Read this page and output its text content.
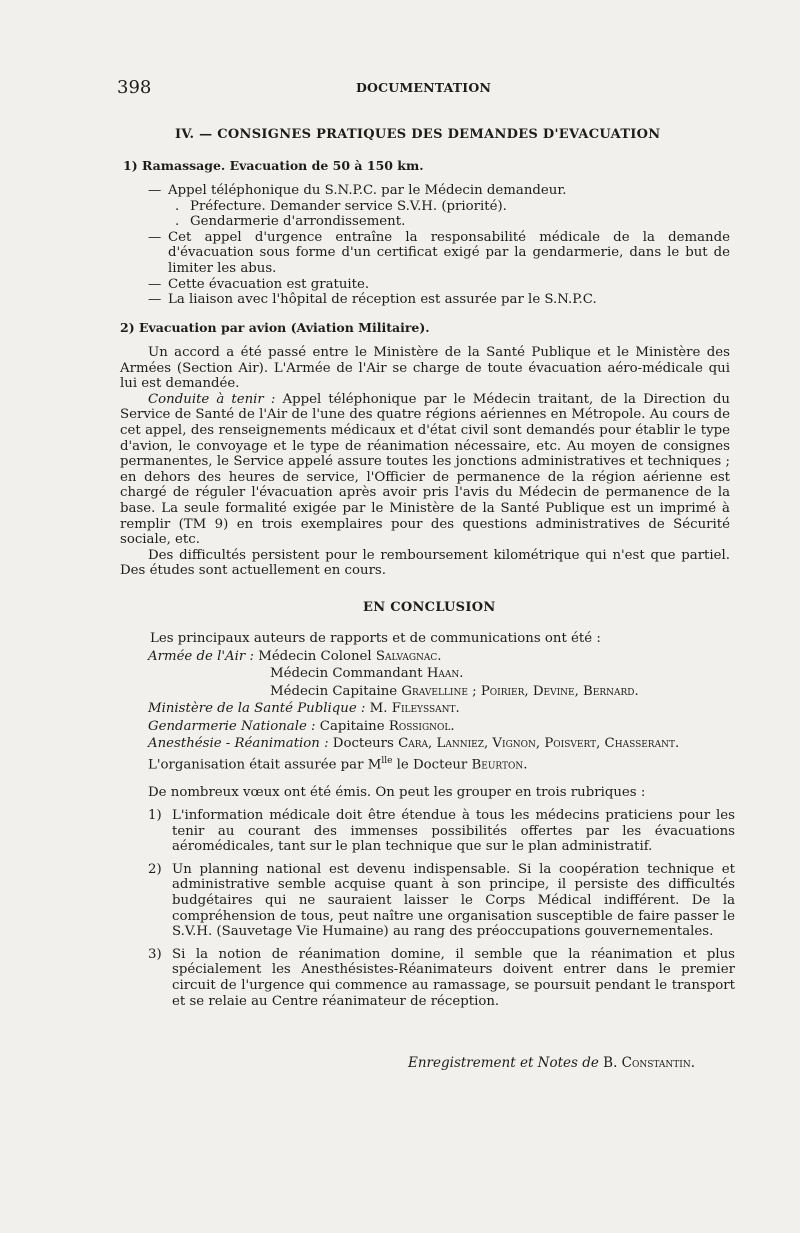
398	DOCUMENTATION
IV. — CONSIGNES PRATIQUES DES DEMANDES D'EVACUATION
1) Ramassage. Evacuation de 50 à 150 km.
— Appel téléphonique du S.N.P.C. par le Médecin demandeur.
. Préfecture. Demander service S.V.H. (priorité).
. Gendarmerie d'arrondissement.
— Cet appel d'urgence entraîne la responsabilité médicale de la demande d'évacuation sous forme d'un certificat exigé par la gendarmerie, dans le but de limiter les abus.
— Cette évacuation est gratuite.
— La liaison avec l'hôpital de réception est assurée par le S.N.P.C.
2) Evacuation par avion (Aviation Militaire).
Un accord a été passé entre le Ministère de la Santé Publique et le Ministère des Armées (Section Air). L'Armée de l'Air se charge de toute évacuation aéro-médicale qui lui est demandée.
Conduite à tenir : Appel téléphonique par le Médecin traitant, de la Direction du Service de Santé de l'Air de l'une des quatre régions aériennes en Métropole. Au cours de cet appel, des renseignements médicaux et d'état civil sont demandés pour établir le type d'avion, le convoyage et le type de réanimation nécessaire, etc. Au moyen de consignes permanentes, le Service appelé assure toutes les jonctions administratives et techniques ; en dehors des heures de service, l'Officier de permanence de la région aérienne est chargé de réguler l'évacuation après avoir pris l'avis du Médecin de permanence de la base. La seule formalité exigée par le Ministère de la Santé Publique est un imprimé à remplir (TM 9) en trois exemplaires pour des questions administratives de Sécurité sociale, etc.
Des difficultés persistent pour le remboursement kilométrique qui n'est que partiel. Des études sont actuellement en cours.
EN CONCLUSION
Les principaux auteurs de rapports et de communications ont été :
Armée de l'Air : Médecin Colonel Salvagnac.
Médecin Commandant Haan.
Médecin Capitaine Gravelline ; Poirier, Devine, Bernard.
Ministère de la Santé Publique : M. Fileyssant.
Gendarmerie Nationale : Capitaine Rossignol.
Anesthésie - Réanimation : Docteurs Cara, Lanniez, Vignon, Poisvert, Chasserant.
L'organisation était assurée par $M^{lle}$ le Docteur Beurton.
De nombreux vœux ont été émis. On peut les grouper en trois rubriques :
1) L'information médicale doit être étendue à tous les médecins praticiens pour les tenir au courant des immenses possibilités offertes par les évacuations aéromédicales, tant sur le plan technique que sur le plan administratif.
2) Un planning national est devenu indispensable. Si la coopération technique et administrative semble acquise quant à son principe, il persiste des difficultés budgétaires qui ne sauraient laisser le Corps Médical indifférent. De la compréhension de tous, peut naître une organisation susceptible de faire passer le S.V.H. (Sauvetage Vie Humaine) au rang des préoccupations gouvernementales.
3) Si la notion de réanimation domine, il semble que la réanimation et plus spécialement les Anesthésistes-Réanimateurs doivent entrer dans le premier circuit de l'urgence qui commence au ramassage, se poursuit pendant le transport et se relaie au Centre réanimateur de réception.
Enregistrement et Notes de B. Constantin.
